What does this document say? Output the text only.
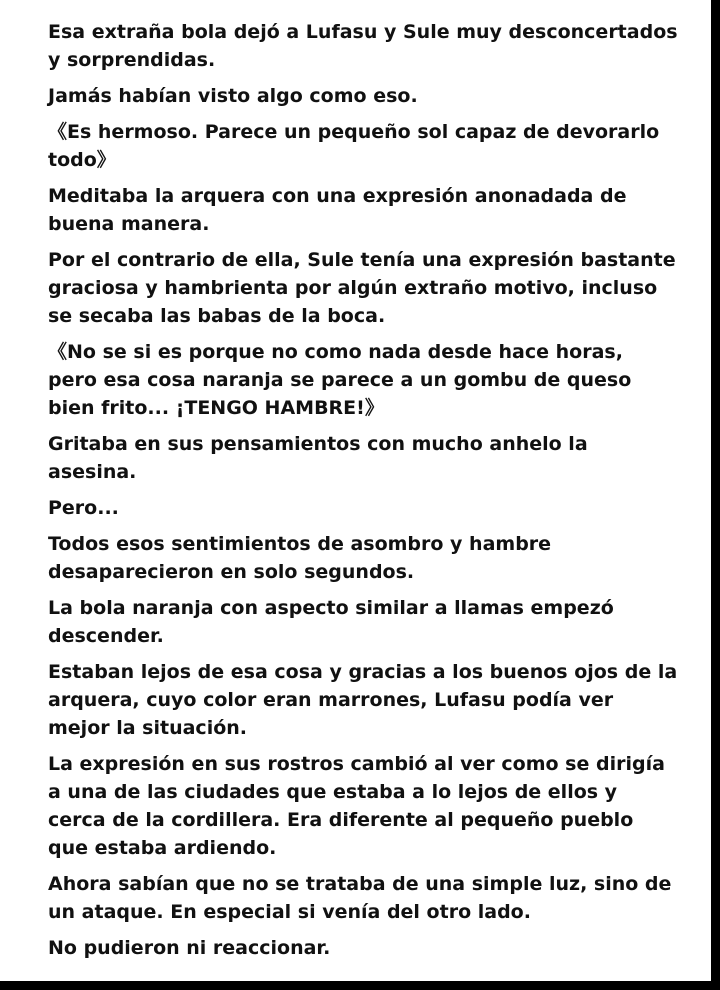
Esa extraña bola dejó a Lufasu y Sule muy desconcertados y sorprendidas.

Jamás habían visto algo como eso.

《Es hermoso. Parece un pequeño sol capaz de devorarlo todo》

Meditaba la arquera con una expresión anonadada de buena manera.

Por el contrario de ella, Sule tenía una expresión bastante graciosa y hambrienta por algún extraño motivo, incluso se secaba las babas de la boca.

《No se si es porque no como nada desde hace horas, pero esa cosa naranja se parece a un gombu de queso bien frito... ¡TENGO HAMBRE!》

Gritaba en sus pensamientos con mucho anhelo la asesina.

Pero...

Todos esos sentimientos de asombro y hambre desaparecieron en solo segundos.

La bola naranja con aspecto similar a llamas empezó descender.

Estaban lejos de esa cosa y gracias a los buenos ojos de la arquera, cuyo color eran marrones, Lufasu podía ver mejor la situación.

La expresión en sus rostros cambió al ver como se dirigía a una de las ciudades que estaba a lo lejos de ellos y cerca de la cordillera. Era diferente al pequeño pueblo que estaba ardiendo.

Ahora sabían que no se trataba de una simple luz, sino de un ataque. En especial si venía del otro lado.

No pudieron ni reaccionar.
